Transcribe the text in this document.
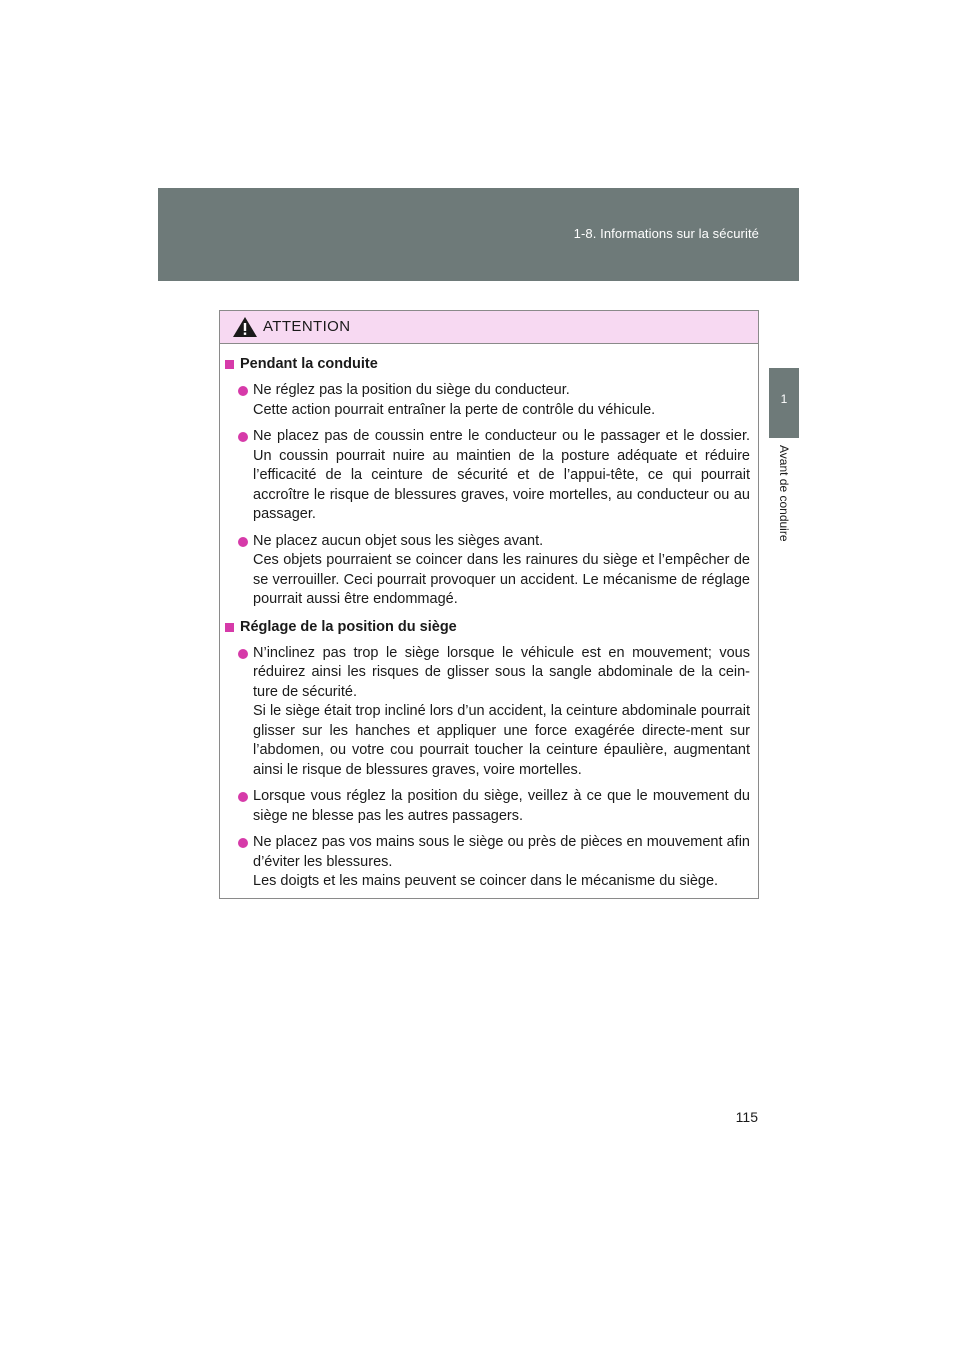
1-8. Informations sur la sécurité
1
Avant de conduire
ATTENTION
Pendant la conduite

Ne réglez pas la position du siège du conducteur.

Cette action pourrait entraîner la perte de contrôle du véhicule.

Ne placez pas de coussin entre le conducteur ou le passager et le dossier. Un coussin pourrait nuire au maintien de la posture adéquate et réduire l’efficacité de la ceinture de sécurité et de l’appui-tête, ce qui pourrait accroître le risque de blessures graves, voire mortelles, au conducteur ou au passager.

Ne placez aucun objet sous les sièges avant.

Ces objets pourraient se coincer dans les rainures du siège et l’empêcher de se verrouiller. Ceci pourrait provoquer un accident. Le mécanisme de réglage pourrait aussi être endommagé.

Réglage de la position du siège

N’inclinez pas trop le siège lorsque le véhicule est en mouvement; vous réduirez ainsi les risques de glisser sous la sangle abdominale de la cein-ture de sécurité.

Si le siège était trop incliné lors d’un accident, la ceinture abdominale pourrait glisser sur les hanches et appliquer une force exagérée directe-ment sur l’abdomen, ou votre cou pourrait toucher la ceinture épaulière, augmentant ainsi le risque de blessures graves, voire mortelles.

Lorsque vous réglez la position du siège, veillez à ce que le mouvement du siège ne blesse pas les autres passagers.

Ne placez pas vos mains sous le siège ou près de pièces en mouvement afin d’éviter les blessures.

Les doigts et les mains peuvent se coincer dans le mécanisme du siège.

115
